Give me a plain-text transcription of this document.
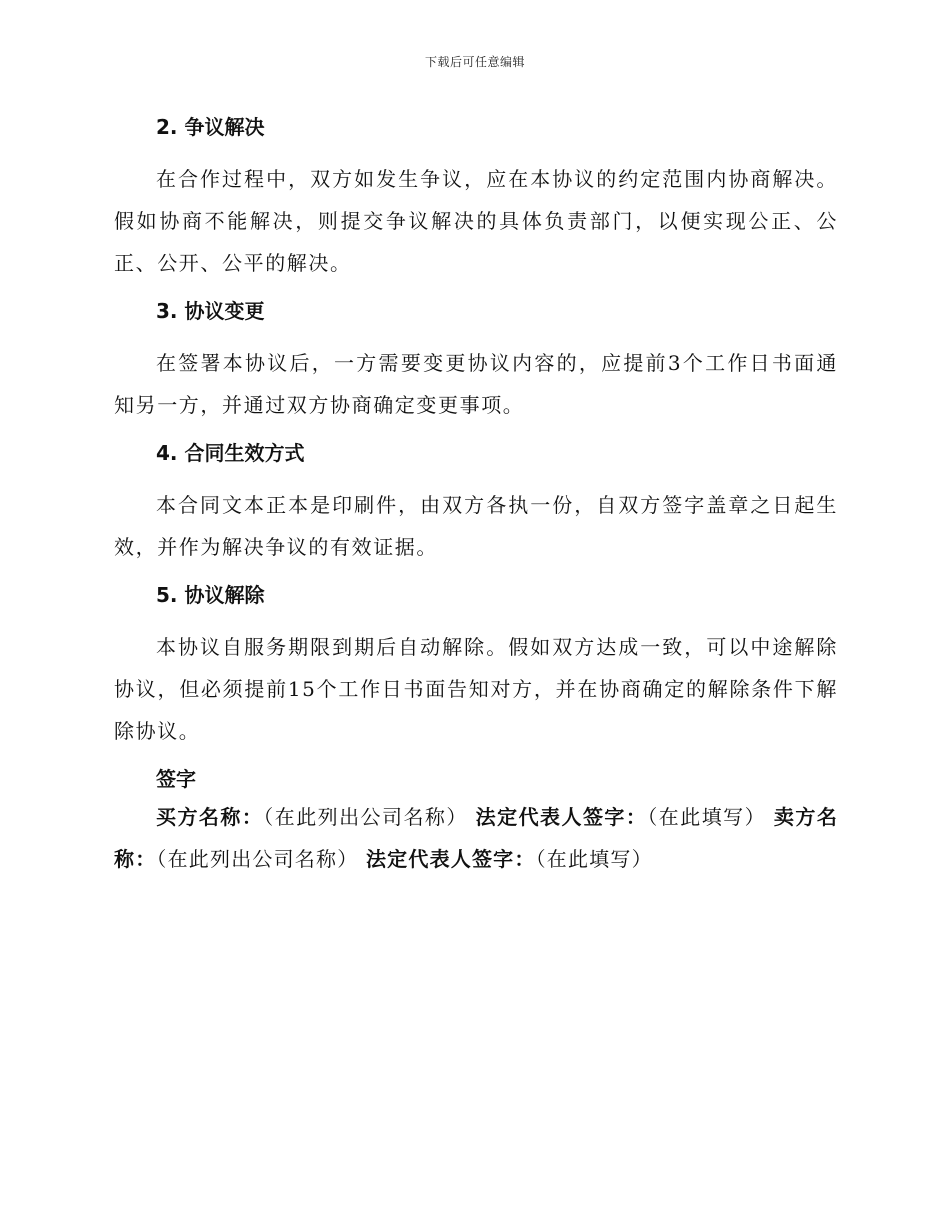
下载后可任意编辑
2. 争议解决

在合作过程中，双方如发生争议，应在本协议的约定范围内协商解决。假如协商不能解决，则提交争议解决的具体负责部门，以便实现公正、公正、公开、公平的解决。

3. 协议变更

在签署本协议后，一方需要变更协议内容的，应提前3个工作日书面通知另一方，并通过双方协商确定变更事项。

4. 合同生效方式

本合同文本正本是印刷件，由双方各执一份，自双方签字盖章之日起生效，并作为解决争议的有效证据。

5. 协议解除

本协议自服务期限到期后自动解除。假如双方达成一致，可以中途解除协议，但必须提前15个工作日书面告知对方，并在协商确定的解除条件下解除协议。

签字

买方名称：（在此列出公司名称） 法定代表人签字：（在此填写） 卖方名称：（在此列出公司名称） 法定代表人签字：（在此填写）
